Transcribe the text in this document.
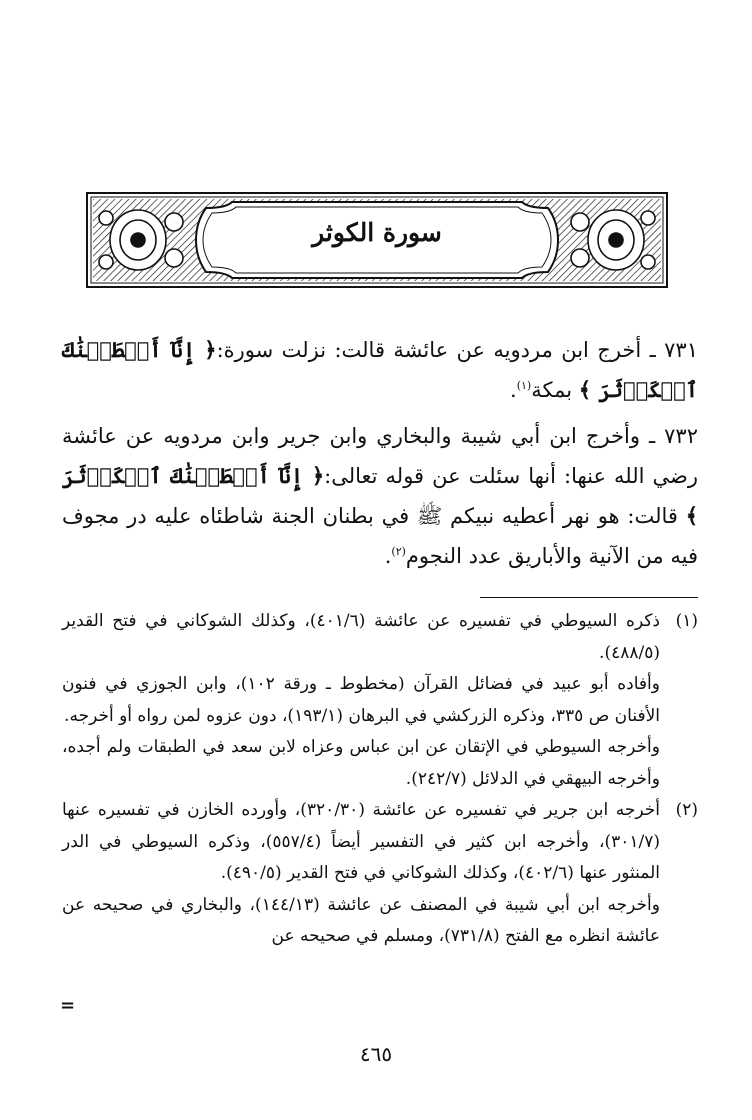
سورة الكوثر

٧٣١ ـ أخرج ابن مردويه عن عائشة قالت: نزلت سورة:﴿ إِنَّآ أَعۡطَيۡنَٰكَ ٱلۡكَوۡثَرَ ﴾ بمكة$^{(١)}$.

٧٣٢ ـ وأخرج ابن أبي شيبة والبخاري وابن جرير وابن مردويه عن عائشة رضي الله عنها: أنها سئلت عن قوله تعالى:﴿ إِنَّآ أَعۡطَيۡنَٰكَ ٱلۡكَوۡثَرَ ﴾ قالت: هو نهر أعطيه نبيكم ﷺ في بطنان الجنة شاطئاه عليه در مجوف فيه من الآنية والأباريق عدد النجوم$^{(٢)}$.

(١)

ذكره السيوطي في تفسيره عن عائشة (٤٠١/٦)، وكذلك الشوكاني في فتح القدير (٤٨٨/٥).

وأفاده أبو عبيد في فضائل القرآن (مخطوط ـ ورقة ١٠٢)، وابن الجوزي في فنون الأفنان ص ٣٣٥، وذكره الزركشي في البرهان (١٩٣/١)، دون عزوه لمن رواه أو أخرجه.

وأخرجه السيوطي في الإتقان عن ابن عباس وعزاه لابن سعد في الطبقات ولم أجده، وأخرجه البيهقي في الدلائل (٢٤٢/٧).

(٢)

أخرجه ابن جرير في تفسيره عن عائشة (٣٢٠/٣٠)، وأورده الخازن في تفسيره عنها (٣٠١/٧)، وأخرجه ابن كثير في التفسير أيضاً (٥٥٧/٤)، وذكره السيوطي في الدر المنثور عنها (٤٠٢/٦)، وكذلك الشوكاني في فتح القدير (٤٩٠/٥).

وأخرجه ابن أبي شيبة في المصنف عن عائشة (١٤٤/١٣)، والبخاري في صحيحه عن عائشة انظره مع الفتح (٧٣١/٨)، ومسلم في صحيحه عن

=
٤٦٥
